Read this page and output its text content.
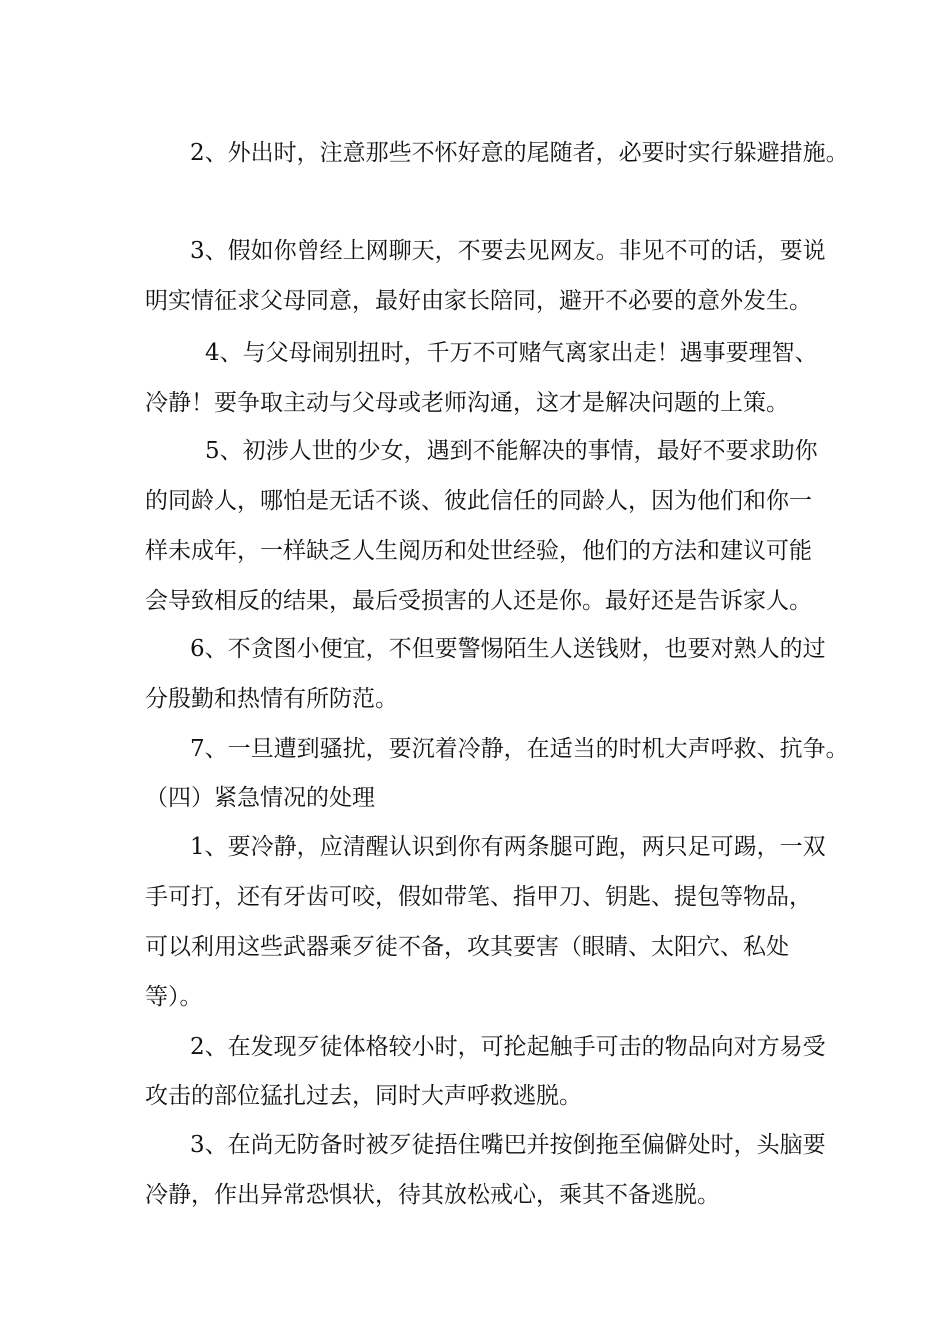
2、外出时，注意那些不怀好意的尾随者，必要时实行躲避措施。
3、假如你曾经上网聊天，不要去见网友。非见不可的话，要说
明实情征求父母同意，最好由家长陪同，避开不必要的意外发生。
4、与父母闹别扭时，千万不可赌气离家出走！遇事要理智、
冷静！要争取主动与父母或老师沟通，这才是解决问题的上策。
5、初涉人世的少女，遇到不能解决的事情，最好不要求助你
的同龄人，哪怕是无话不谈、彼此信任的同龄人，因为他们和你一
样未成年，一样缺乏人生阅历和处世经验，他们的方法和建议可能
会导致相反的结果，最后受损害的人还是你。最好还是告诉家人。
6、不贪图小便宜，不但要警惕陌生人送钱财，也要对熟人的过
分殷勤和热情有所防范。
7、一旦遭到骚扰，要沉着冷静，在适当的时机大声呼救、抗争。
（四）紧急情况的处理
1、要冷静，应清醒认识到你有两条腿可跑，两只足可踢，一双
手可打，还有牙齿可咬，假如带笔、指甲刀、钥匙、提包等物品，
可以利用这些武器乘歹徒不备，攻其要害（眼睛、太阳穴、私处
等）。
2、在发现歹徒体格较小时，可抡起触手可击的物品向对方易受
攻击的部位猛扎过去，同时大声呼救逃脱。
3、在尚无防备时被歹徒捂住嘴巴并按倒拖至偏僻处时，头脑要
冷静，作出异常恐惧状，待其放松戒心，乘其不备逃脱。
